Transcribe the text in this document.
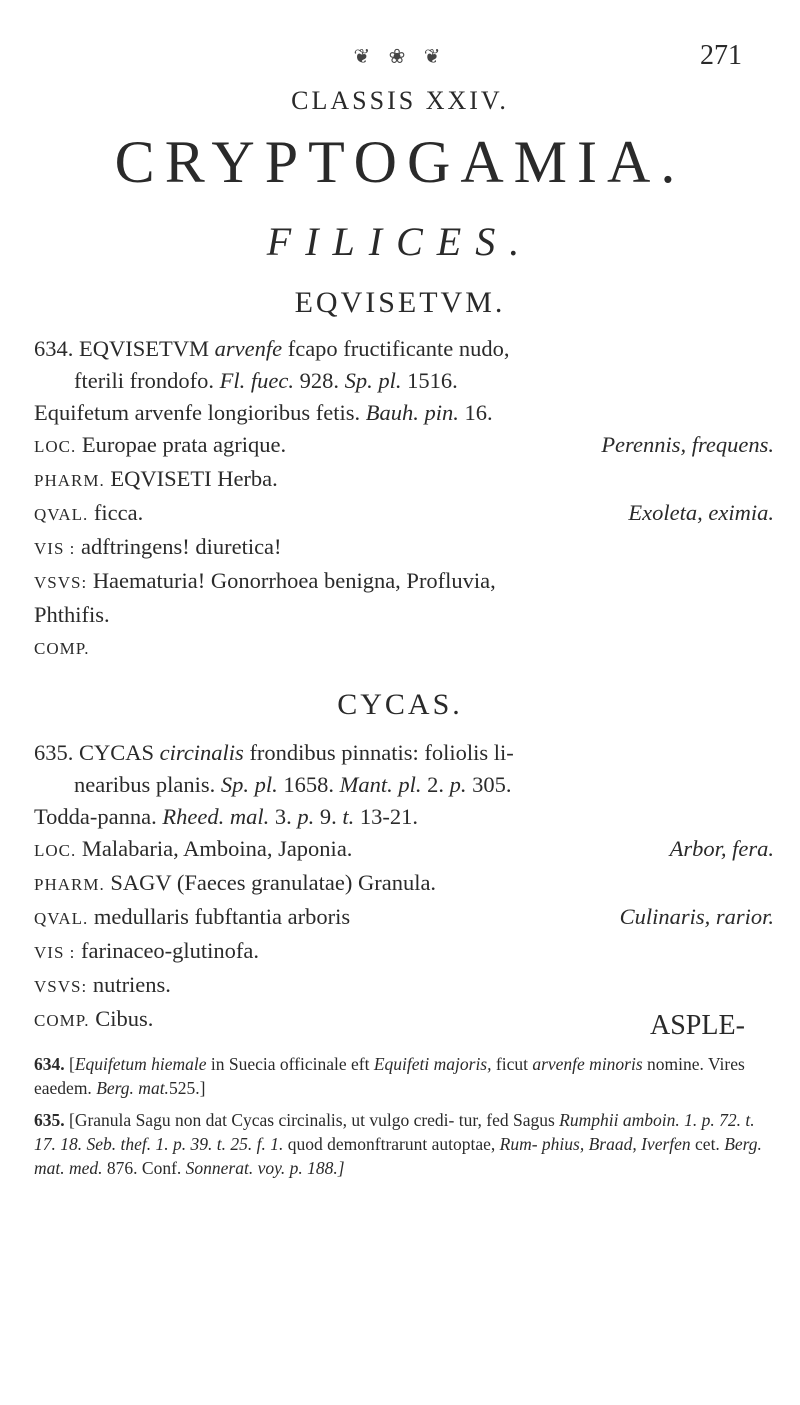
❦ ❀ ❦	271
CLASSIS XXIV.
CRYPTOGAMIA.
FILICES.
EQVISETVM.
634. EQVISETVM arvenfe fcapo fructificante nudo,
fterili frondofo. Fl. fuec. 928. Sp. pl. 1516.
Equifetum arvenfe longioribus fetis. Bauh. pin. 16.
LOC. Europae prata agrique.	Perennis, frequens.
PHARM. EQVISETI Herba.
QVAL. ficca.	Exoleta, eximia.
VIS : adftringens! diuretica!
VSVS: Haematuria! Gonorrhoea benigna, Profluvia,
Phthifis.
COMP.
CYCAS.
635. CYCAS circinalis frondibus pinnatis: foliolis li-
nearibus planis. Sp. pl. 1658. Mant. pl. 2. p. 305.
Todda-panna. Rheed. mal. 3. p. 9. t. 13-21.
LOC. Malabaria, Amboina, Japonia.	Arbor, fera.
PHARM. SAGV (Faeces granulatae) Granula.
QVAL. medullaris fubftantia arboris	Culinaris, rarior.
VIS : farinaceo-glutinofa.
VSVS: nutriens.
COMP. Cibus.	ASPLE-

634. [Equifetum hiemale in Suecia officinale eft Equifeti majoris, ficut arvenfe minoris nomine. Vires eaedem. Berg. mat.525.]

635. [Granula Sagu non dat Cycas circinalis, ut vulgo credi- tur, fed Sagus Rumphii amboin. 1. p. 72. t. 17. 18. Seb. thef. 1. p. 39. t. 25. f. 1. quod demonftrarunt autoptae, Rum- phius, Braad, Iverfen cet. Berg. mat. med. 876. Conf. Sonnerat. voy. p. 188.]
